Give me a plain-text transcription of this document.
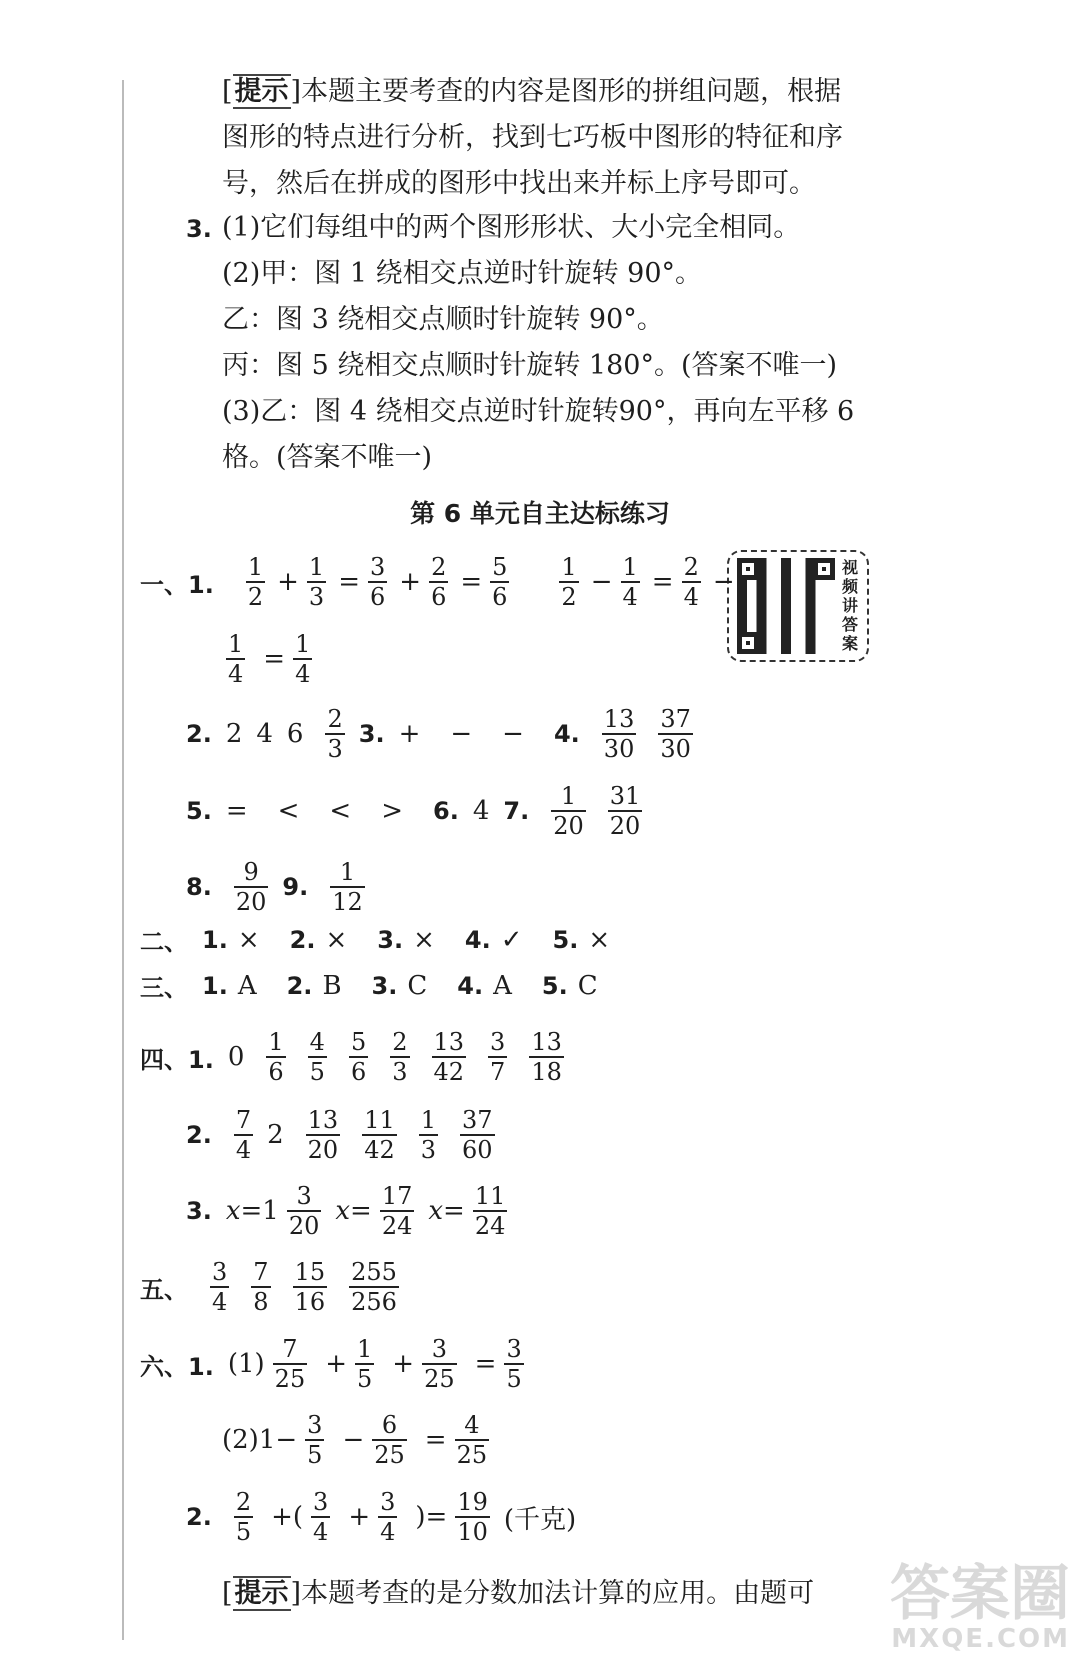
[提示]本题主要考查的内容是图形的拼组问题，根据
图形的特点进行分析，找到七巧板中图形的特征和序
号，然后在拼成的图形中找出来并标上序号即可。
3. (1)它们每组中的两个图形形状、大小完全相同。
(2)甲：图 1 绕相交点逆时针旋转 90°。
乙：图 3 绕相交点顺时针旋转 90°。
丙：图 5 绕相交点顺时针旋转 180°。(答案不唯一)
(3)乙：图 4 绕相交点逆时针旋转90°，再向左平移 6
格。(答案不唯一)
第 6 单元自主达标练习
视频讲答案
一、1. $\frac{1}{2} + \frac{1}{3} = \frac{3}{6} + \frac{2}{6} = \frac{5}{6} \frac{1}{2} - \frac{1}{4} = \frac{2}{4}$ −
$\frac{1}{4} = \frac{1}{4}$
2. 2 4 $6 \frac{2}{3} 3$. + − − 4. $\frac{13}{30} \frac{37}{30}$
5. = < < > 6. 4 7. $\frac{1}{20} \frac{31}{20}$
8. $\frac{9}{20} 9$. $\frac{1}{12}$
二、 1. × 2. × 3. × 4. ✓ 5. ×
三、 1. A 2. B 3. C 4. A 5. C
四、1. $0 \frac{1}{6} \frac{4}{5} \frac{5}{6} \frac{2}{3} \frac{13}{42} \frac{3}{7} \frac{13}{18}$
2. $\frac{7}{4} 2 \frac{13}{20} \frac{11}{42} \frac{1}{3} \frac{37}{60}$
3. $x= 1 \frac{3}{20} x= \frac{17}{24} x= \frac{11}{24}$
五、 $\frac{3}{4} \frac{7}{8} \frac{15}{16} \frac{255}{256}$
六、1. $(1) \frac{7}{25} + \frac{1}{5} + \frac{3}{25} = \frac{3}{5}$
$(2)1- \frac{3}{5} - \frac{6}{25} = \frac{4}{25}$
2. $\frac{2}{5}$ +( $\frac{3}{4} + \frac{3}{4}$ )= $\frac{19}{10}$ (千克)
[提示]本题考查的是分数加法计算的应用。由题可 答案圈
MXQE.COM
